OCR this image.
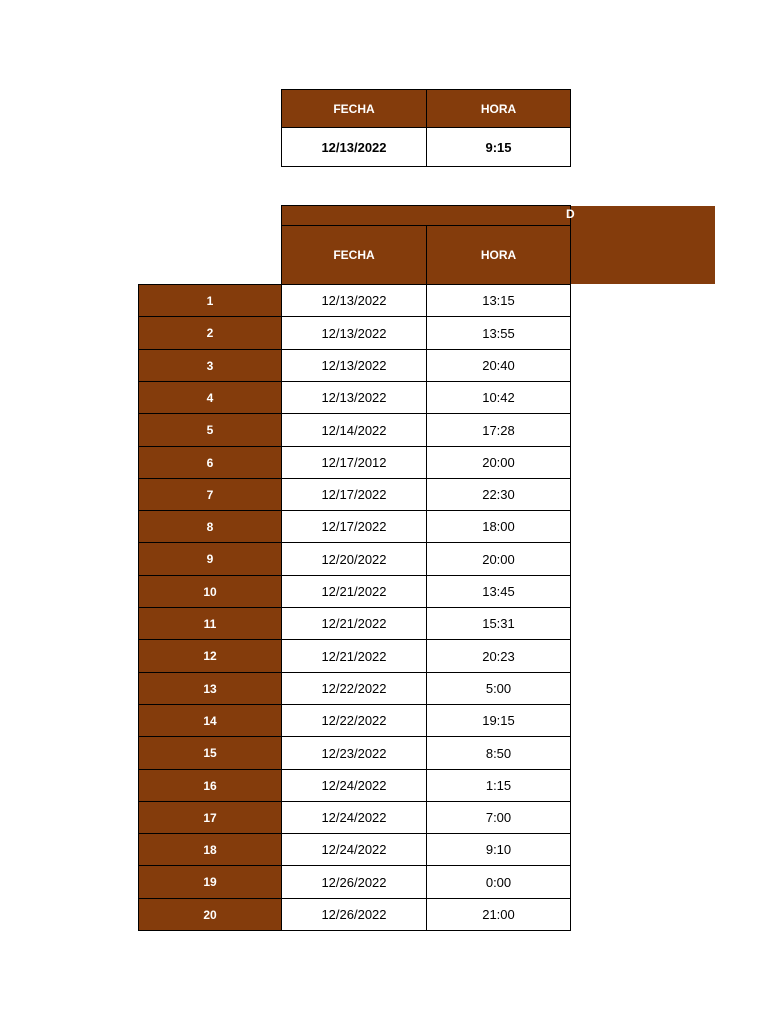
FECHA	HORA
12/13/2022	9:15
D
FECHA	HORA
1	12/13/2022	13:15
2	12/13/2022	13:55
3	12/13/2022	20:40
4	12/13/2022	10:42
5	12/14/2022	17:28
6	12/17/2012	20:00
7	12/17/2022	22:30
8	12/17/2022	18:00
9	12/20/2022	20:00
10	12/21/2022	13:45
11	12/21/2022	15:31
12	12/21/2022	20:23
13	12/22/2022	5:00
14	12/22/2022	19:15
15	12/23/2022	8:50
16	12/24/2022	1:15
17	12/24/2022	7:00
18	12/24/2022	9:10
19	12/26/2022	0:00
20	12/26/2022	21:00
